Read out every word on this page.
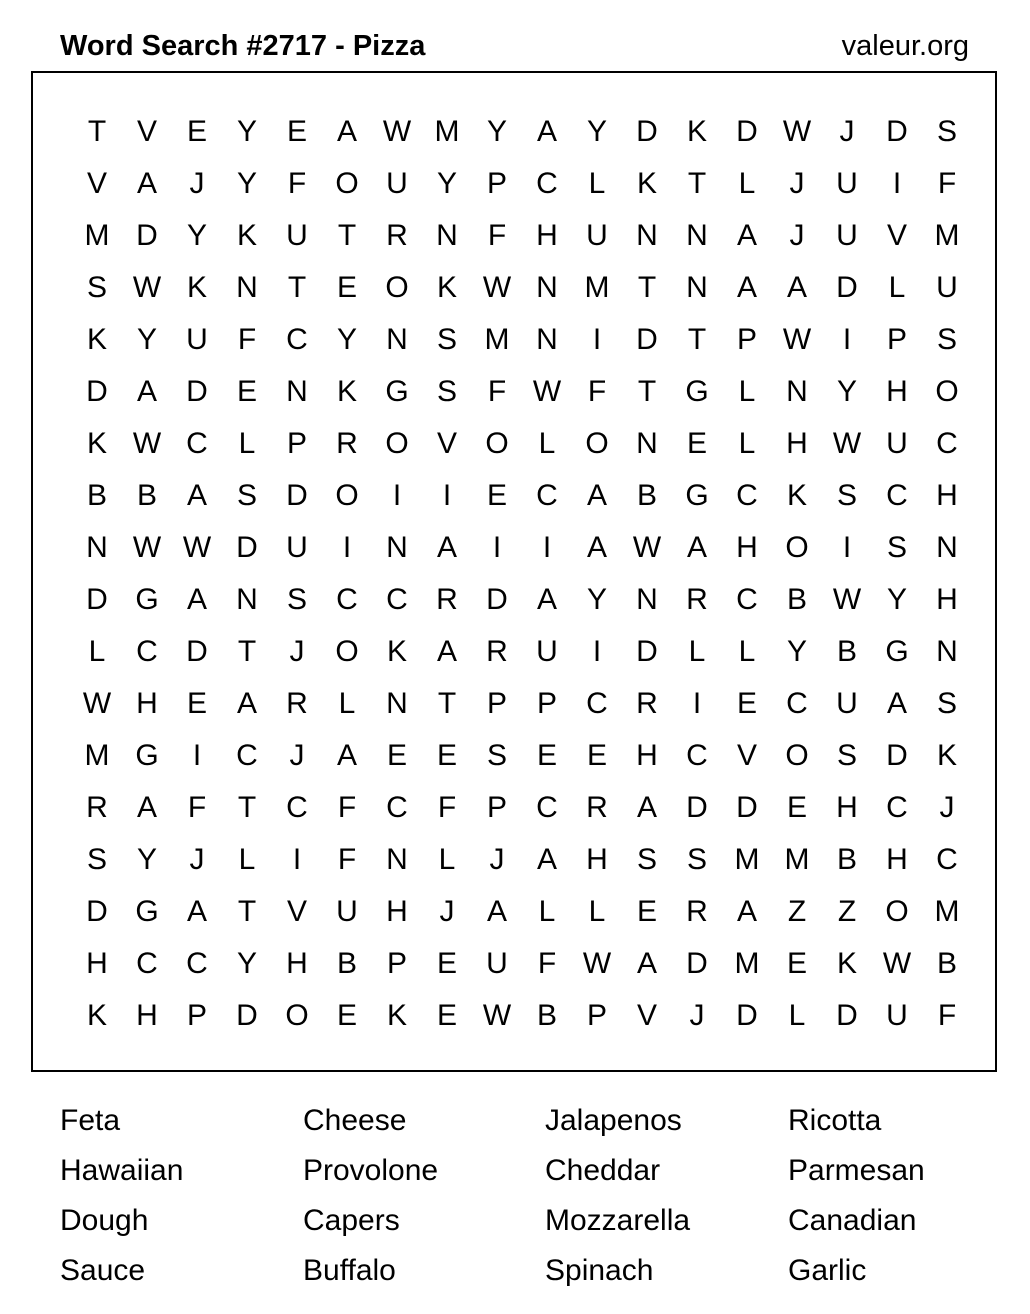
Word Search #2717 - Pizza	valeur.org
T	V E Y E A W M Y A Y D K D W J	D S
V A	J	Y	F O U Y P C	L	K	T	L	J	U	I	F
M D Y K U	T	R N	F	H U N N A	J	U V M
S W K N	T	E O K W N M T	N A A D	L	U
K Y U	F	C Y N S M N	I	D	T	P W	I	P S
D A D E N K G S	F W F	T G L	N Y H O
K W C	L	P R O V O L O N E	L	H W U C
B B A S D O	I	I	E C A B G C K S C H
N W W D U	I	N A	I	I	A W A H O	I	S N
D G A N S C C R D A Y N R C B W Y H
L	C D	T	J	O K A R U	I	D	L	L	Y B G N
W H E A R	L	N	T	P P C R	I	E C U A S
M G	I	C	J	A E E S E E H C V O S D K
R A	F	T	C	F	C	F	P C R A D D E H C	J
S Y	J	L	I	F	N	L	J	A H S S M M B H C
D G A	T	V U H	J	A	L	L	E R A	Z	Z O M
H C C Y H B P E U	F W A D M E K W B
K H P D O E K E W B P V	J	D	L	D U	F
Feta	Cheese	Jalapenos	Ricotta
Hawaiian	Provolone	Cheddar	Parmesan
Dough	Capers	Mozzarella	Canadian
Sauce	Buffalo	Spinach	Garlic
